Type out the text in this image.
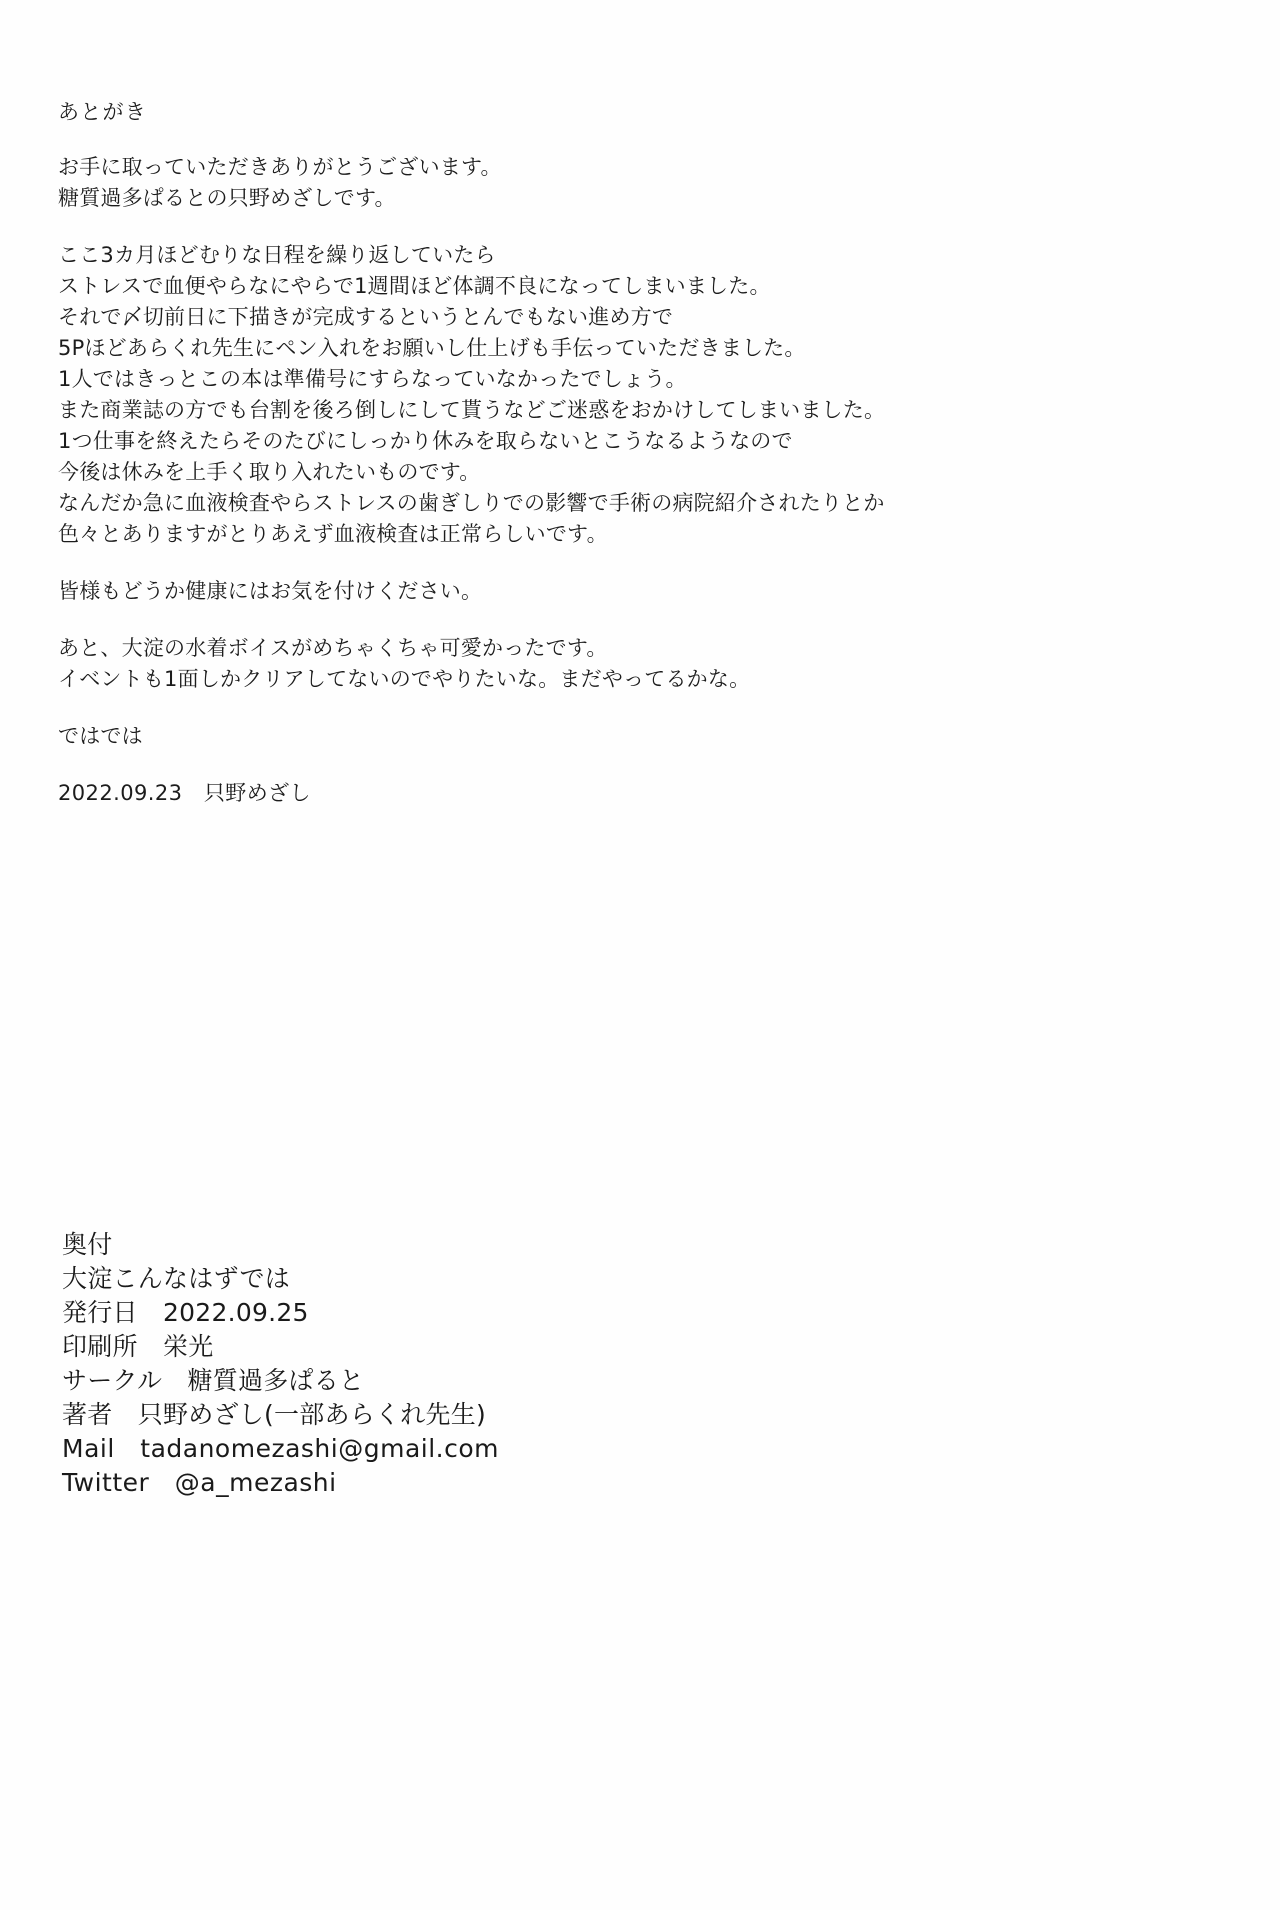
あとがき
お手に取っていただきありがとうございます。
糖質過多ぱるとの只野めざしです。
ここ3カ月ほどむりな日程を繰り返していたら
ストレスで血便やらなにやらで1週間ほど体調不良になってしまいました。
それで〆切前日に下描きが完成するというとんでもない進め方で
5Pほどあらくれ先生にペン入れをお願いし仕上げも手伝っていただきました。
1人ではきっとこの本は準備号にすらなっていなかったでしょう。
また商業誌の方でも台割を後ろ倒しにして貰うなどご迷惑をおかけしてしまいました。
1つ仕事を終えたらそのたびにしっかり休みを取らないとこうなるようなので
今後は休みを上手く取り入れたいものです。
なんだか急に血液検査やらストレスの歯ぎしりでの影響で手術の病院紹介されたりとか
色々とありますがとりあえず血液検査は正常らしいです。
皆様もどうか健康にはお気を付けください。
あと、大淀の水着ボイスがめちゃくちゃ可愛かったです。
イベントも1面しかクリアしてないのでやりたいな。まだやってるかな。
ではでは
2022.09.23　只野めざし
奥付
大淀こんなはずでは
発行日　2022.09.25
印刷所　栄光
サークル　糖質過多ぱると
著者　只野めざし(一部あらくれ先生)
Mail　tadanomezashi@gmail.com
Twitter　@a_mezashi
